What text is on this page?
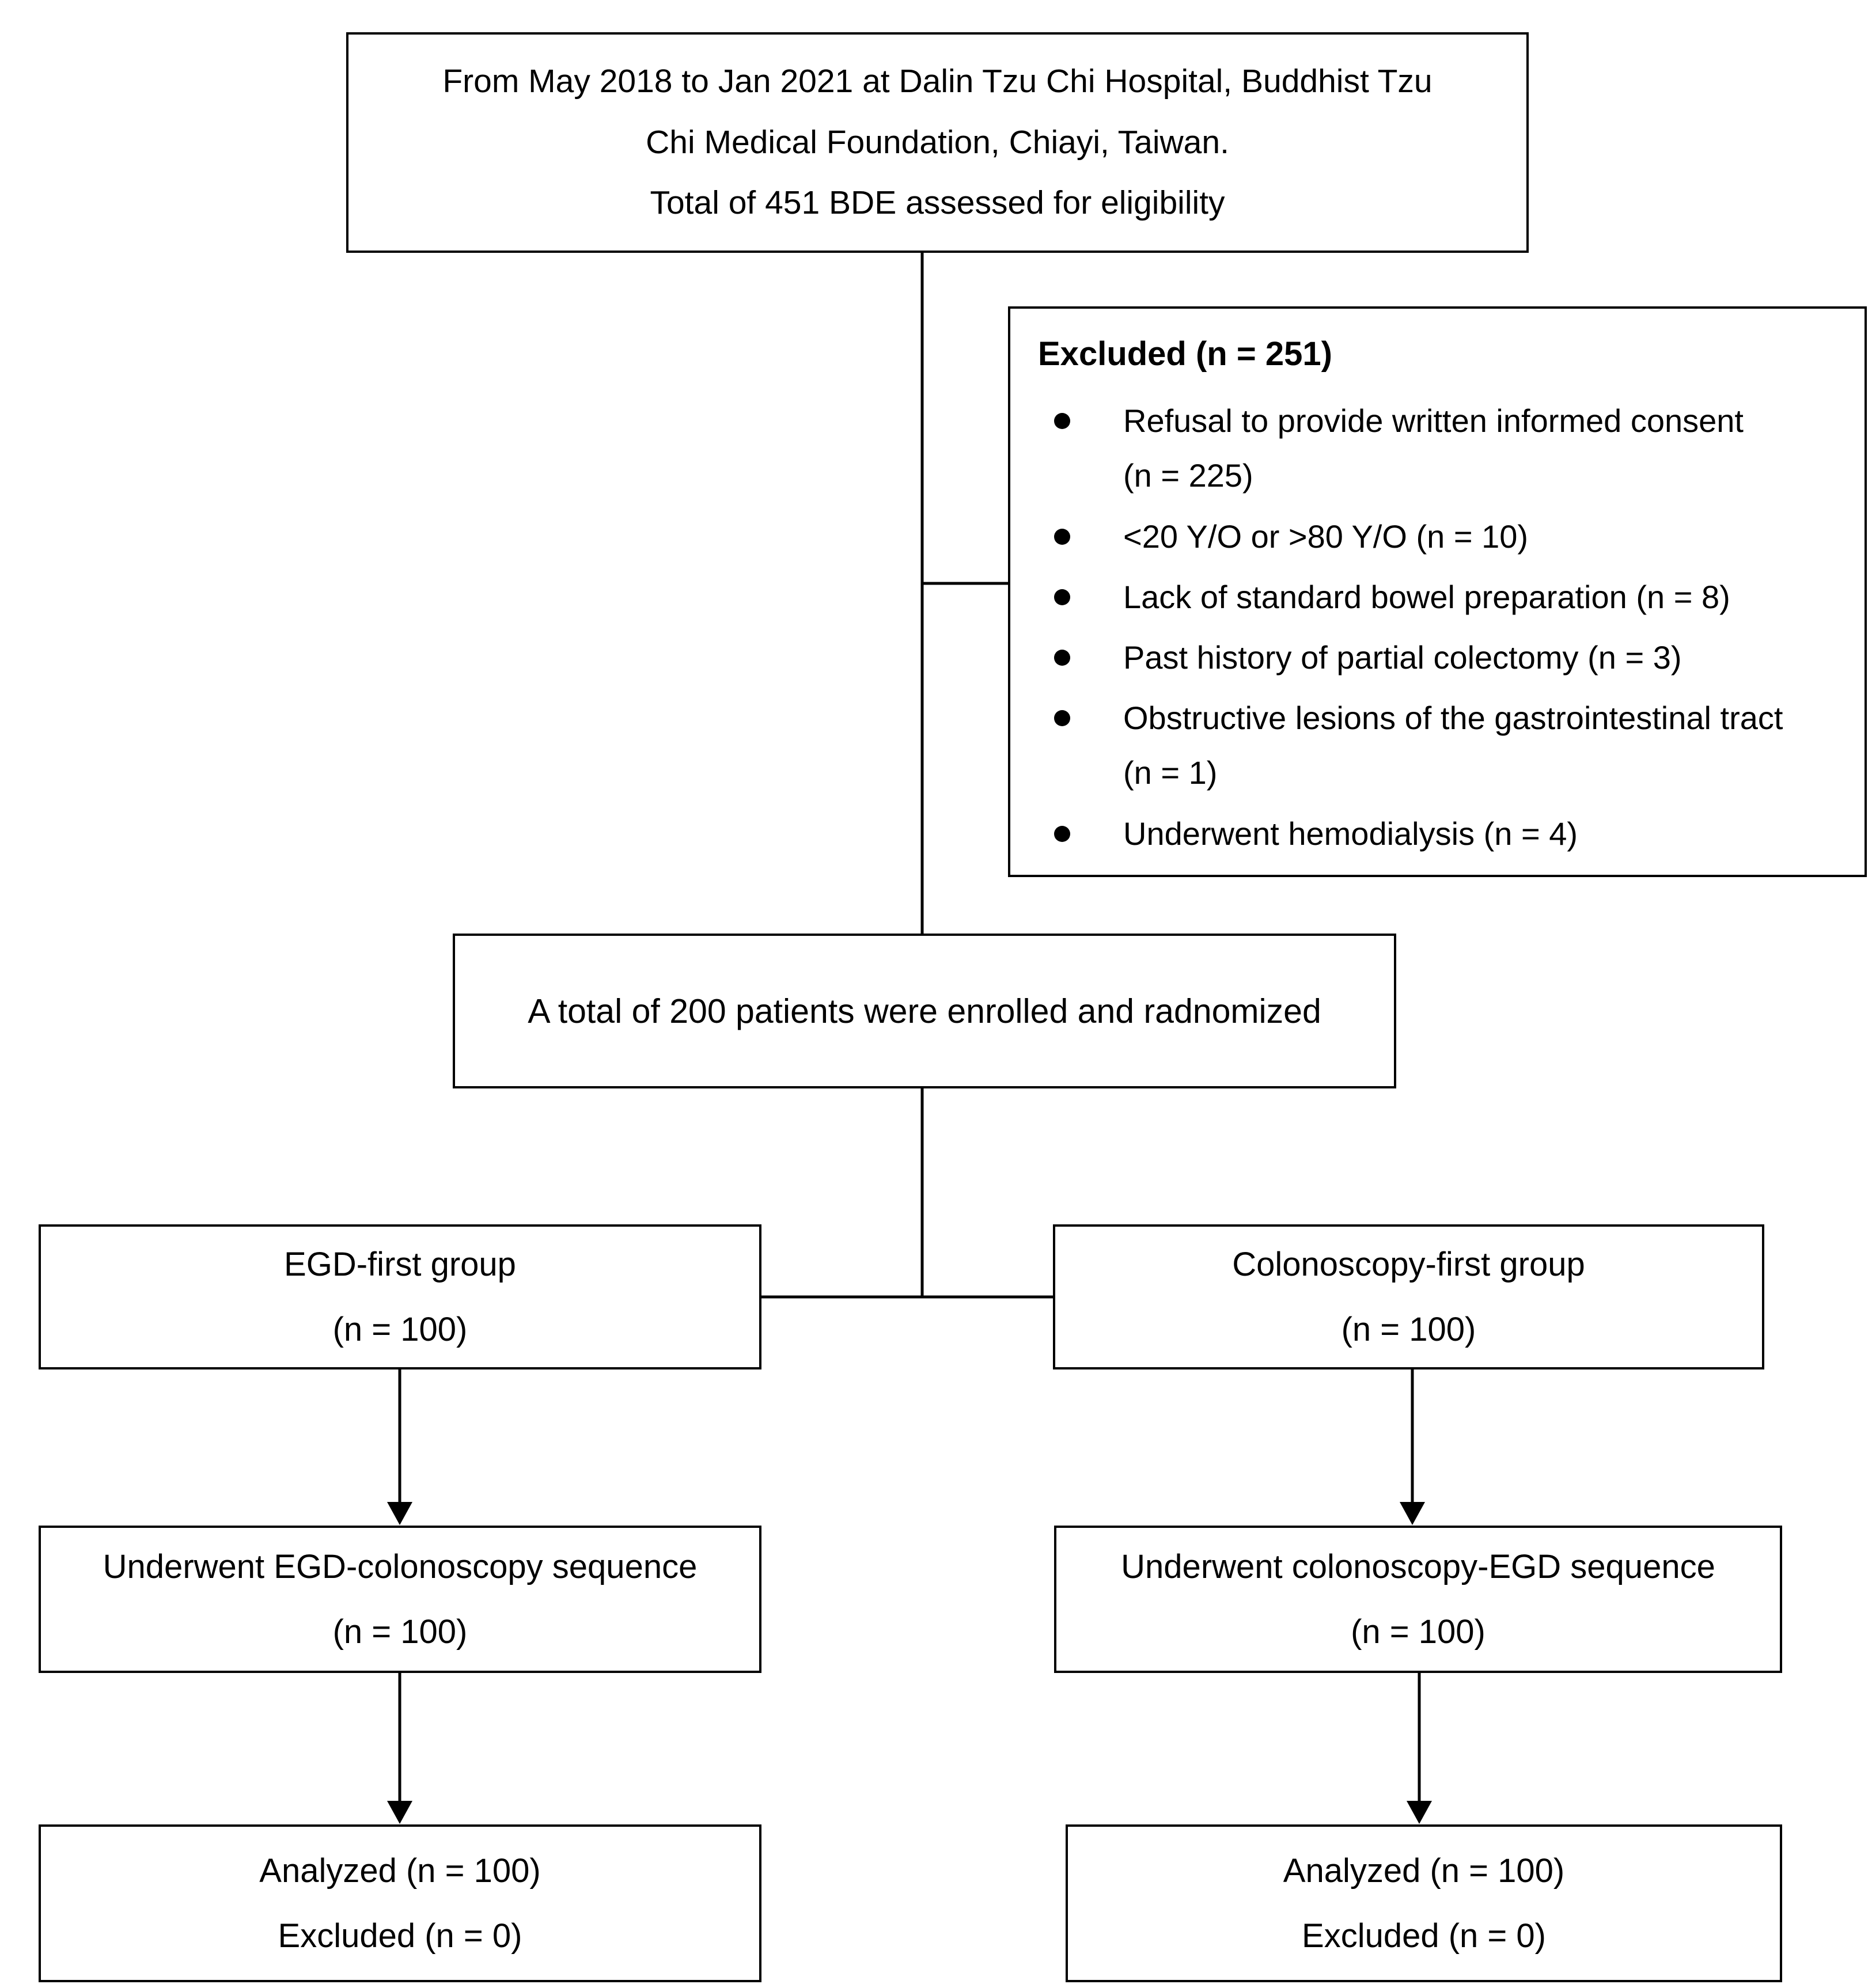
From May 2018 to Jan 2021 at Dalin Tzu Chi Hospital, Buddhist Tzu
Chi Medical Foundation, Chiayi, Taiwan.
Total of 451 BDE assessed for eligibility
Excluded (n = 251)
Refusal to provide written informed consent
(n = 225)
<20 Y/O or >80 Y/O (n = 10)
Lack of standard bowel preparation (n = 8)
Past history of partial colectomy (n = 3)
Obstructive lesions of the gastrointestinal tract
(n = 1)
Underwent hemodialysis (n = 4)
A total of 200 patients were enrolled and radnomized
EGD-first group
(n = 100)
Colonoscopy-first group
(n = 100)
Underwent EGD-colonoscopy sequence
(n = 100)
Underwent colonoscopy-EGD sequence
(n = 100)
Analyzed (n = 100)
Excluded (n = 0)
Analyzed (n = 100)
Excluded (n = 0)
